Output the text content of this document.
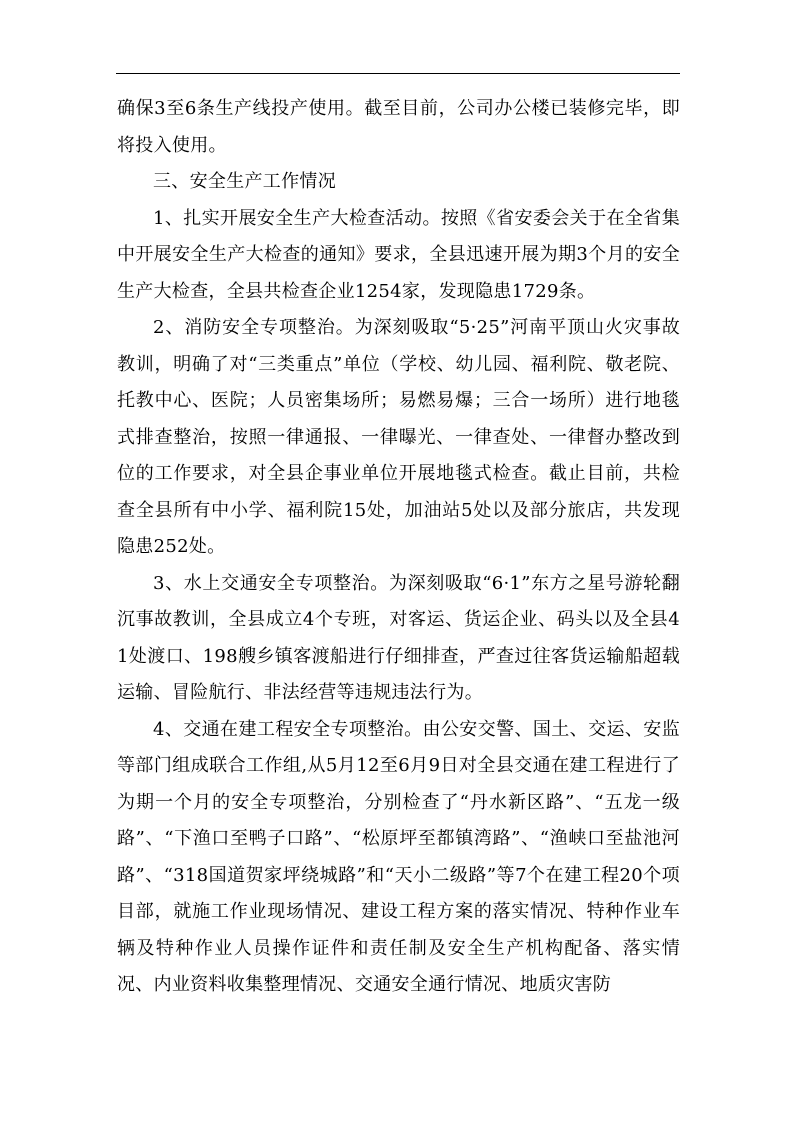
确保3至6条生产线投产使用。截至目前，公司办公楼已装修完毕，即将投入使用。

三、安全生产工作情况

1、扎实开展安全生产大检查活动。按照《省安委会关于在全省集中开展安全生产大检查的通知》要求，全县迅速开展为期3个月的安全生产大检查，全县共检查企业1254家，发现隐患1729条。

2、消防安全专项整治。为深刻吸取“5·25”河南平顶山火灾事故教训，明确了对“三类重点”单位（学校、幼儿园、福利院、敬老院、托教中心、医院；人员密集场所；易燃易爆；三合一场所）进行地毯式排查整治，按照一律通报、一律曝光、一律查处、一律督办整改到位的工作要求，对全县企事业单位开展地毯式检查。截止目前，共检查全县所有中小学、福利院15处，加油站5处以及部分旅店，共发现隐患252处。

3、水上交通安全专项整治。为深刻吸取“6·1”东方之星号游轮翻沉事故教训，全县成立4个专班，对客运、货运企业、码头以及全县41处渡口、198艘乡镇客渡船进行仔细排查，严查过往客货运输船超载运输、冒险航行、非法经营等违规违法行为。

4、交通在建工程安全专项整治。由公安交警、国土、交运、安监等部门组成联合工作组,从5月12至6月9日对全县交通在建工程进行了为期一个月的安全专项整治，分别检查了“丹水新区路”、“五龙一级路”、“下渔口至鸭子口路”、“松原坪至都镇湾路”、“渔峡口至盐池河路”、“318国道贺家坪绕城路”和“天小二级路”等7个在建工程20个项目部，就施工作业现场情况、建设工程方案的落实情况、特种作业车辆及特种作业人员操作证件和责任制及安全生产机构配备、落实情况、内业资料收集整理情况、交通安全通行情况、地质灾害防
